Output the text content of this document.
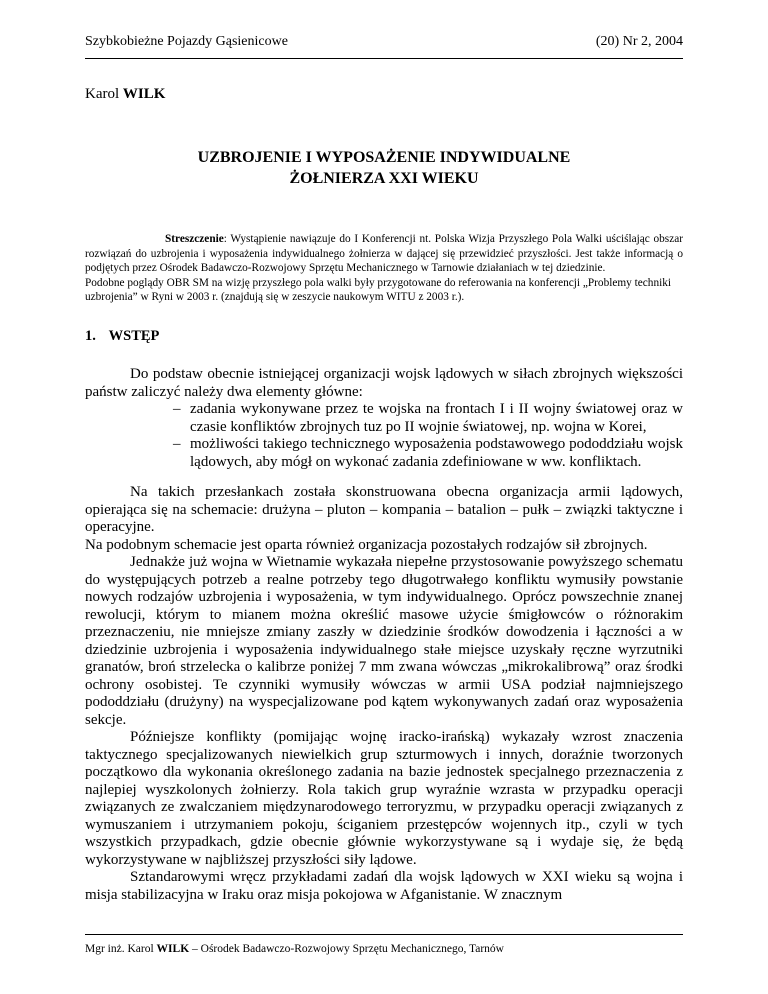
Szybkobieżne Pojazdy Gąsienicowe	(20) Nr 2, 2004
Karol WILK
UZBROJENIE I WYPOSAŻENIE INDYWIDUALNE
ŻOŁNIERZA XXI WIEKU

Streszczenie: Wystąpienie nawiązuje do I Konferencji nt. Polska Wizja Przyszłego Pola Walki uściślając obszar rozwiązań do uzbrojenia i wyposażenia indywidualnego żołnierza w dającej się przewidzieć przyszłości. Jest także informacją o podjętych przez Ośrodek Badawczo-Rozwojowy Sprzętu Mechanicznego w Tarnowie działaniach w tej dziedzinie.

Podobne poglądy OBR SM na wizję przyszłego pola walki były przygotowane do referowania na konferencji „Problemy techniki uzbrojenia” w Ryni w 2003 r. (znajdują się w zeszycie naukowym WITU z 2003 r.).

1. WSTĘP

Do podstaw obecnie istniejącej organizacji wojsk lądowych w siłach zbrojnych większości państw zaliczyć należy dwa elementy główne:

– zadania wykonywane przez te wojska na frontach I i II wojny światowej oraz w czasie konfliktów zbrojnych tuz po II wojnie światowej, np. wojna w Korei,
– możliwości takiego technicznego wyposażenia podstawowego pododdziału wojsk lądowych, aby mógł on wykonać zadania zdefiniowane w ww. konfliktach.

Na takich przesłankach została skonstruowana obecna organizacja armii lądowych, opierająca się na schemacie: drużyna – pluton – kompania – batalion – pułk – związki taktyczne i operacyjne.

Na podobnym schemacie jest oparta również organizacja pozostałych rodzajów sił zbrojnych.

Jednakże już wojna w Wietnamie wykazała niepełne przystosowanie powyższego schematu do występujących potrzeb a realne potrzeby tego długotrwałego konfliktu wymusiły powstanie nowych rodzajów uzbrojenia i wyposażenia, w tym indywidualnego. Oprócz powszechnie znanej rewolucji, którym to mianem można określić masowe użycie śmigłowców o różnorakim przeznaczeniu, nie mniejsze zmiany zaszły w dziedzinie środków dowodzenia i łączności a w dziedzinie uzbrojenia i wyposażenia indywidualnego stałe miejsce uzyskały ręczne wyrzutniki granatów, broń strzelecka o kalibrze poniżej 7 mm zwana wówczas „mikrokalibrową” oraz środki ochrony osobistej. Te czynniki wymusiły wówczas w armii USA podział najmniejszego pododdziału (drużyny) na wyspecjalizowane pod kątem wykonywanych zadań oraz wyposażenia sekcje.

Późniejsze konflikty (pomijając wojnę iracko-irańską) wykazały wzrost znaczenia taktycznego specjalizowanych niewielkich grup szturmowych i innych, doraźnie tworzonych początkowo dla wykonania określonego zadania na bazie jednostek specjalnego przeznaczenia z najlepiej wyszkolonych żołnierzy. Rola takich grup wyraźnie wzrasta w przypadku operacji związanych ze zwalczaniem międzynarodowego terroryzmu, w przypadku operacji związanych z wymuszaniem i utrzymaniem pokoju, ściganiem przestępców wojennych itp., czyli w tych wszystkich przypadkach, gdzie obecnie głównie wykorzystywane są i wydaje się, że będą wykorzystywane w najbliższej przyszłości siły lądowe.

Sztandarowymi wręcz przykładami zadań dla wojsk lądowych w XXI wieku są wojna i misja stabilizacyjna w Iraku oraz misja pokojowa w Afganistanie. W znacznym

Mgr inż. Karol WILK – Ośrodek Badawczo-Rozwojowy Sprzętu Mechanicznego, Tarnów
